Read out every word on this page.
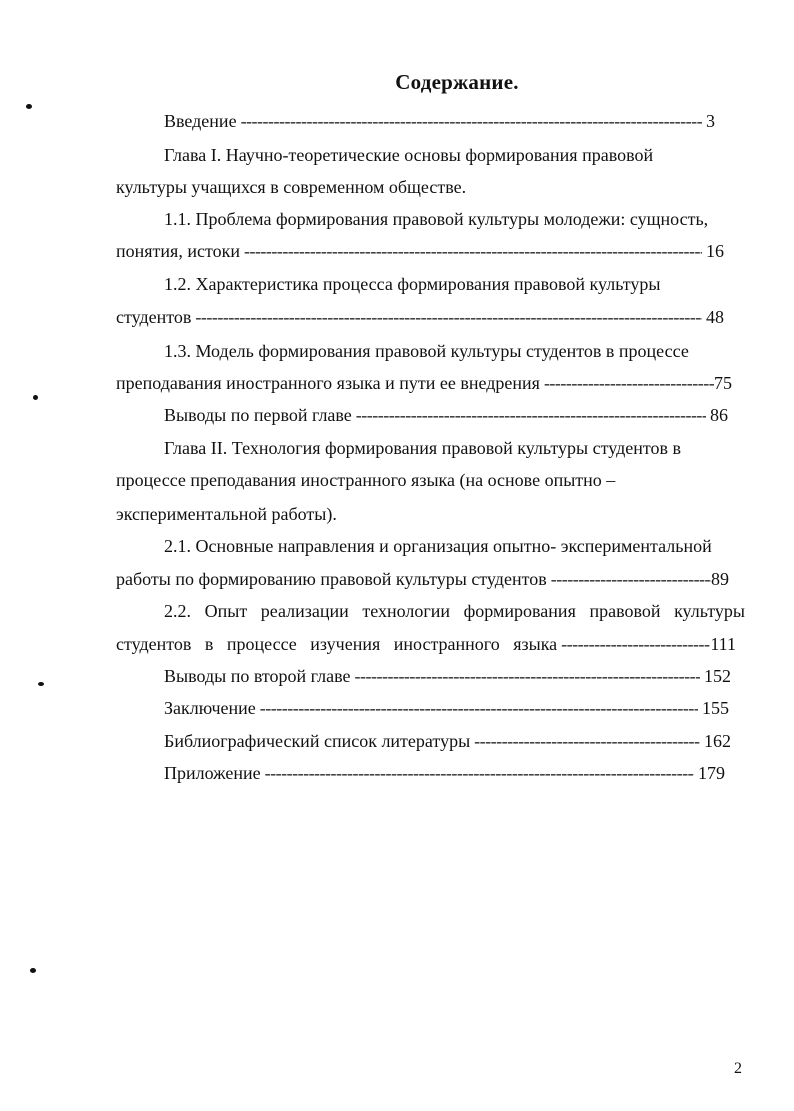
Содержание.
Введение -----	3
Глава I. Научно-теоретические основы формирования правовой
культуры учащихся в современном обществе.
1.1. Проблема формирования правовой культуры молодежи: сущность,
понятия, истоки -----	16
1.2. Характеристика процесса формирования правовой культуры
студентов -----	48
1.3. Модель формирования правовой культуры студентов в процессе
преподавания иностранного языка и пути ее внедрения -----	75
Выводы по первой главе -----	86
Глава II. Технология формирования правовой культуры студентов в
процессе преподавания иностранного языка (на основе опытно –
экспериментальной работы).
2.1. Основные направления и организация опытно- экспериментальной
работы по формированию правовой культуры студентов -----	89
2.2. Опыт реализации технологии формирования правовой культуры
студентов в процессе изучения иностранного языка -----	111
Выводы по второй главе -----	152
Заключение -----	155
Библиографический список литературы -----	162
Приложение -----	179
2
